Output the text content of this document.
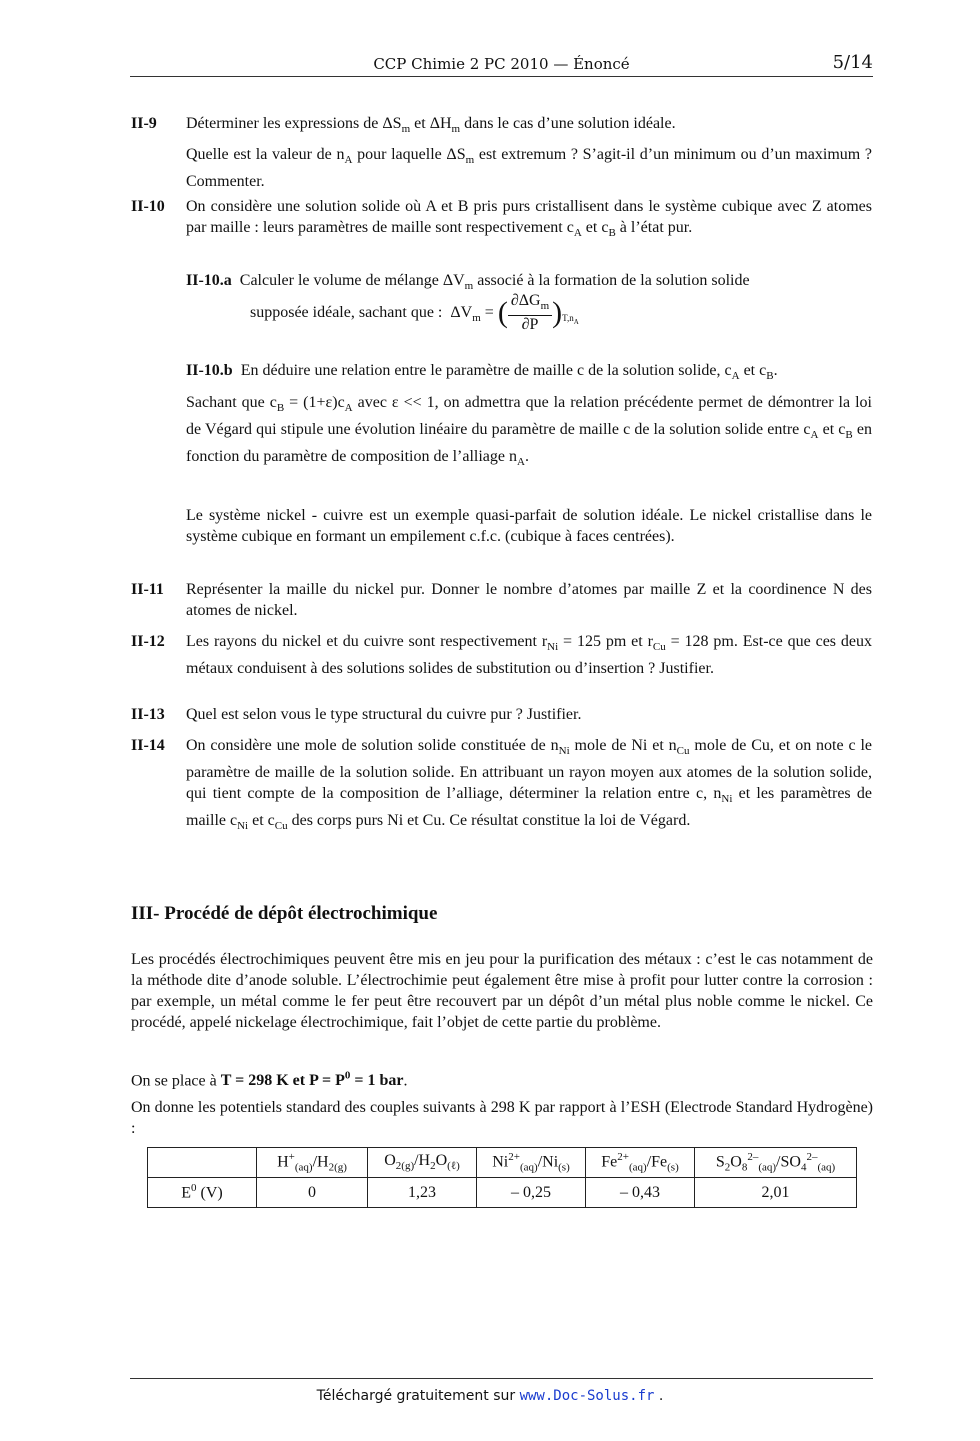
CCP Chimie 2 PC 2010 — Énoncé	5/14
II-9 Déterminer les expressions de $\Delta S_m$ et $\Delta H_m$ dans le cas d’une solution idéale.
Quelle est la valeur de $n_A$ pour laquelle $\Delta S_m$ est extremum ? S’agit-il d’un minimum ou d’un maximum ? Commenter.
II-10 On considère une solution solide où A et B pris purs cristallisent dans le système cubique avec Z atomes par maille : leurs paramètres de maille sont respectivement $c_A$ et $c_B$ à l’état pur.
II-10.a  Calculer le volume de mélange $\Delta V_m$ associé à la formation de la solution solide
supposée idéale, sachant que :  $\Delta V_m$ = ( $\frac{\partial\Delta G_m}{\partial P} )_{T,n_A}$
II-10.b  En déduire une relation entre le paramètre de maille c de la solution solide, $c_A$ et $c_B$.
Sachant que $c_B = (1+\varepsilon)c_A$ avec ε << 1, on admettra que la relation précédente permet de démontrer la loi de Végard qui stipule une évolution linéaire du paramètre de maille c de la solution solide entre $c_A$ et $c_B$ en fonction du paramètre de composition de l’alliage $n_A$.
Le système nickel - cuivre est un exemple quasi-parfait de solution idéale. Le nickel cristallise dans le système cubique en formant un empilement c.f.c. (cubique à faces centrées).
II-11 Représenter la maille du nickel pur. Donner le nombre d’atomes par maille Z et la coordinence N des atomes de nickel.
II-12 Les rayons du nickel et du cuivre sont respectivement $r_{Ni} = 125$ pm et $r_{Cu} = 128$ pm. Est-ce que ces deux métaux conduisent à des solutions solides de substitution ou d’insertion ? Justifier.
II-13 Quel est selon vous le type structural du cuivre pur ? Justifier.
II-14 On considère une mole de solution solide constituée de $n_{Ni}$ mole de Ni et $n_{Cu}$ mole de Cu, et on note c le paramètre de maille de la solution solide. En attribuant un rayon moyen aux atomes de la solution solide, qui tient compte de la composition de l’alliage, déterminer la relation entre c, $n_{Ni}$ et les paramètres de maille $c_{Ni}$ et $c_{Cu}$ des corps purs Ni et Cu. Ce résultat constitue la loi de Végard.
III- Procédé de dépôt électrochimique
Les procédés électrochimiques peuvent être mis en jeu pour la purification des métaux : c’est le cas notamment de la méthode dite d’anode soluble. L’électrochimie peut également être mise à profit pour lutter contre la corrosion : par exemple, un métal comme le fer peut être recouvert par un dépôt d’un métal plus noble comme le nickel. Ce procédé, appelé nickelage électrochimique, fait l’objet de cette partie du problème.
On se place à T = 298 K et $P = P^0 = 1$ bar.
On donne les potentiels standard des couples suivants à 298 K par rapport à l’ESH (Electrode Standard Hydrogène) :
	$H^+_{(aq)}/H_{2(g)}$	$O_{2(g)}/H_2O_{(\ell)}$	$Ni^{2+}_{(aq)}/Ni_{(s)}$	$Fe^{2+}_{(aq)}/Fe_{(s)}$	$S_2O_8^{2-}_{(aq)}/SO_4^{2-}_{(aq)}$
$E^0$ (V)	0	1,23	– 0,25	– 0,43	2,01
Téléchargé gratuitement sur www.Doc-Solus.fr .
